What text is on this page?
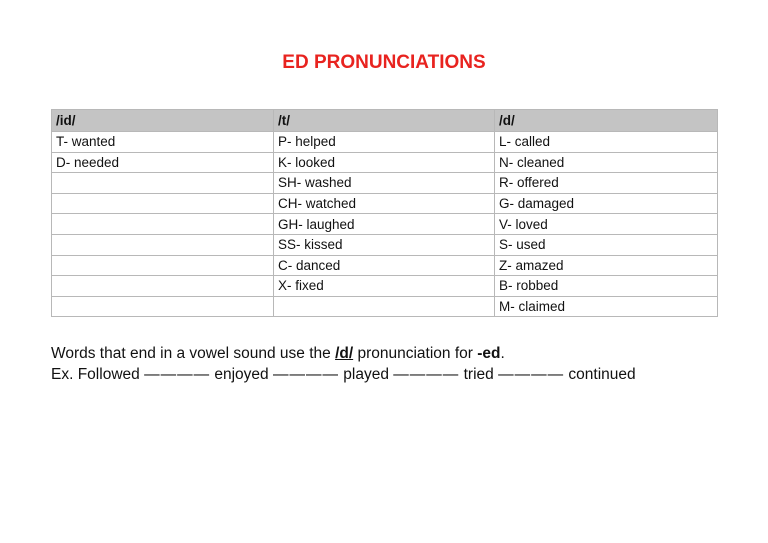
ED PRONUNCIATIONS
/id/	/t/	/d/
T- wanted	P- helped	L- called
D- needed	K- looked	N- cleaned
	SH- washed	R- offered
	CH- watched	G- damaged
	GH- laughed	V- loved
	SS- kissed	S- used
	C- danced	Z- amazed
	X- fixed	B- robbed
		M- claimed

Words that end in a vowel sound use the /d/ pronunciation for -ed.

Ex. Followed ———— enjoyed ———— played ———— tried ———— continued
